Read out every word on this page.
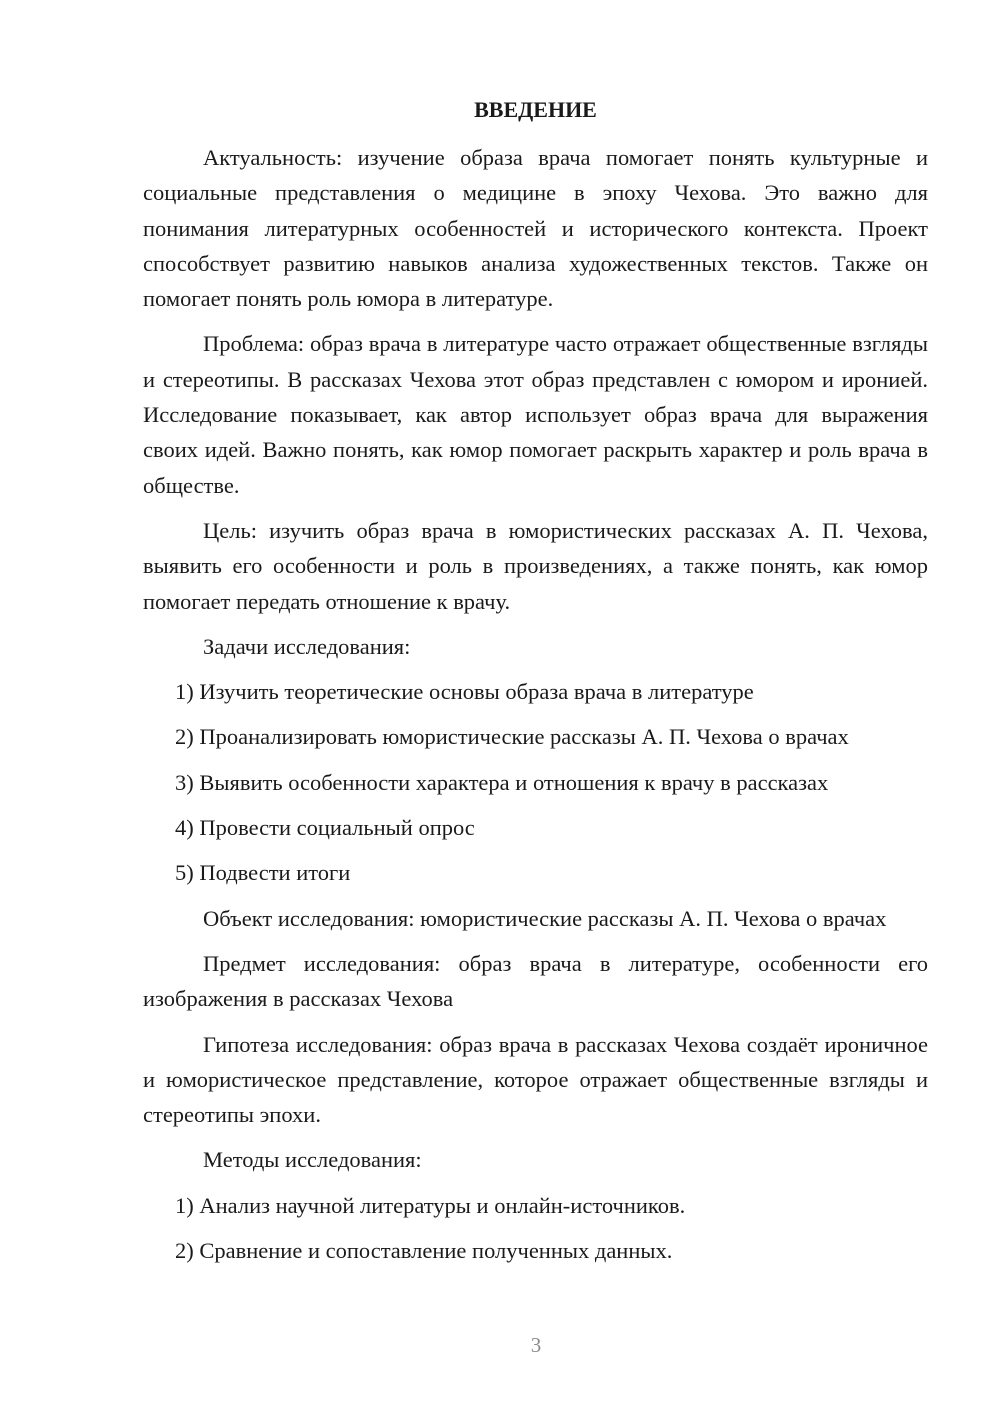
ВВЕДЕНИЕ

Актуальность: изучение образа врача помогает понять культурные и социальные представления о медицине в эпоху Чехова. Это важно для понимания литературных особенностей и исторического контекста. Проект способствует развитию навыков анализа художественных текстов. Также он помогает понять роль юмора в литературе.

Проблема: образ врача в литературе часто отражает общественные взгляды и стереотипы. В рассказах Чехова этот образ представлен с юмором и иронией. Исследование показывает, как автор использует образ врача для выражения своих идей. Важно понять, как юмор помогает раскрыть характер и роль врача в обществе.

Цель: изучить образ врача в юмористических рассказах А. П. Чехова, выявить его особенности и роль в произведениях, а также понять, как юмор помогает передать отношение к врачу.

Задачи исследования:

1) Изучить теоретические основы образа врача в литературе

2) Проанализировать юмористические рассказы А. П. Чехова о врачах

3) Выявить особенности характера и отношения к врачу в рассказах

4) Провести социальный опрос

5) Подвести итоги

Объект исследования: юмористические рассказы А. П. Чехова о врачах

Предмет исследования: образ врача в литературе, особенности его изображения в рассказах Чехова

Гипотеза исследования: образ врача в рассказах Чехова создаёт ироничное и юмористическое представление, которое отражает общественные взгляды и стереотипы эпохи.

Методы исследования:

1) Анализ научной литературы и онлайн-источников.

2) Сравнение и сопоставление полученных данных.

3
